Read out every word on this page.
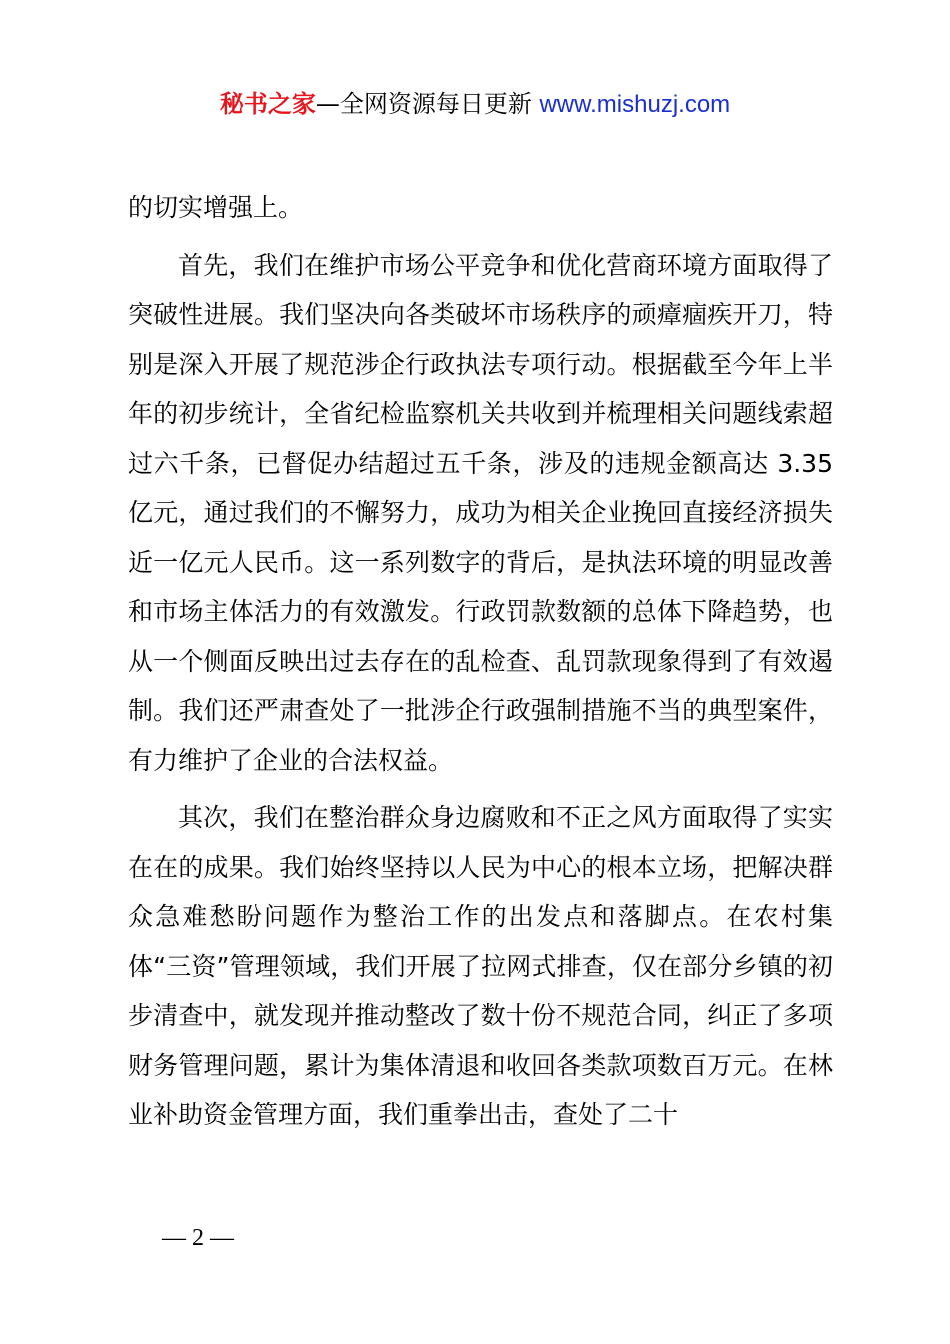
秘书之家—全网资源每日更新 www.mishuzj.com

的切实增强上。

首先，我们在维护市场公平竞争和优化营商环境方面取得了突破性进展。我们坚决向各类破坏市场秩序的顽瘴痼疾开刀，特别是深入开展了规范涉企行政执法专项行动。根据截至今年上半年的初步统计，全省纪检监察机关共收到并梳理相关问题线索超过六千条，已督促办结超过五千条，涉及的违规金额高达 3.35 亿元，通过我们的不懈努力，成功为相关企业挽回直接经济损失近一亿元人民币。这一系列数字的背后，是执法环境的明显改善和市场主体活力的有效激发。行政罚款数额的总体下降趋势，也从一个侧面反映出过去存在的乱检查、乱罚款现象得到了有效遏制。我们还严肃查处了一批涉企行政强制措施不当的典型案件，有力维护了企业的合法权益。

其次，我们在整治群众身边腐败和不正之风方面取得了实实在在的成果。我们始终坚持以人民为中心的根本立场，把解决群众急难愁盼问题作为整治工作的出发点和落脚点。在农村集体“三资”管理领域，我们开展了拉网式排查，仅在部分乡镇的初步清查中，就发现并推动整改了数十份不规范合同，纠正了多项财务管理问题，累计为集体清退和收回各类款项数百万元。在林业补助资金管理方面，我们重拳出击，查处了二十

— 2 —
